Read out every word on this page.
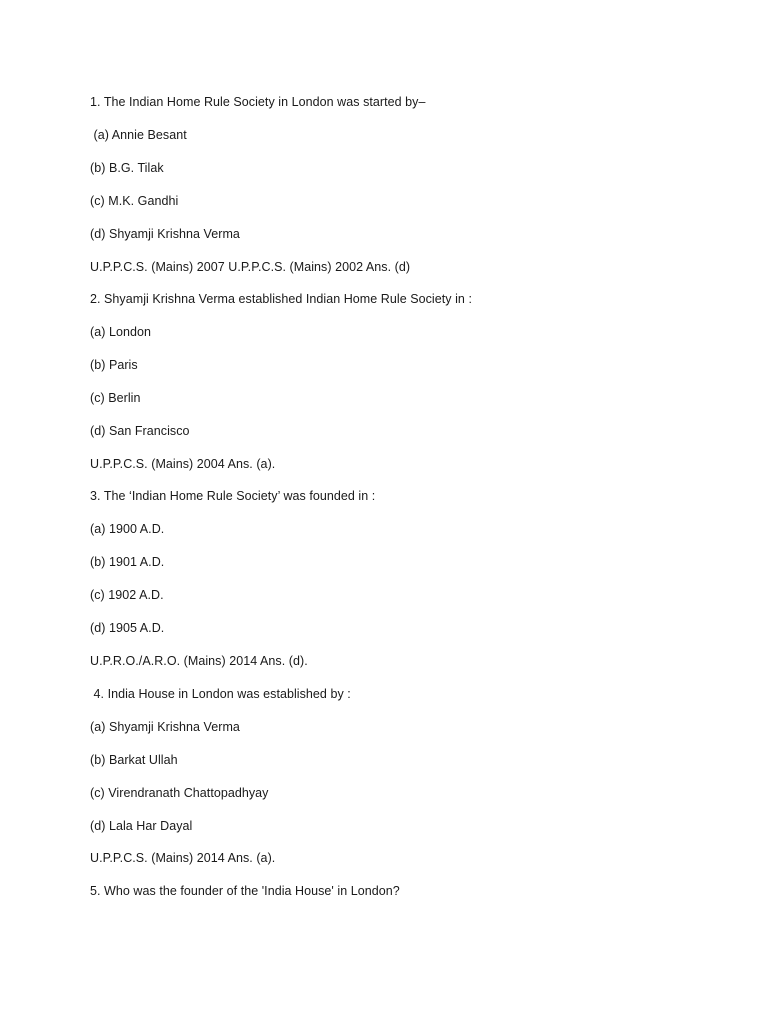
1. The Indian Home Rule Society in London was started by–
(a) Annie Besant
(b) B.G. Tilak
(c) M.K. Gandhi
(d) Shyamji Krishna Verma
U.P.P.C.S. (Mains) 2007 U.P.P.C.S. (Mains) 2002 Ans. (d)
2. Shyamji Krishna Verma established Indian Home Rule Society in :
(a) London
(b) Paris
(c) Berlin
(d) San Francisco
U.P.P.C.S. (Mains) 2004 Ans. (a).
3. The ‘Indian Home Rule Society’ was founded in :
(a) 1900 A.D.
(b) 1901 A.D.
(c) 1902 A.D.
(d) 1905 A.D.
U.P.R.O./A.R.O. (Mains) 2014 Ans. (d).
4. India House in London was established by :
(a) Shyamji Krishna Verma
(b) Barkat Ullah
(c) Virendranath Chattopadhyay
(d) Lala Har Dayal
U.P.P.C.S. (Mains) 2014 Ans. (a).
5. Who was the founder of the 'India House' in London?
